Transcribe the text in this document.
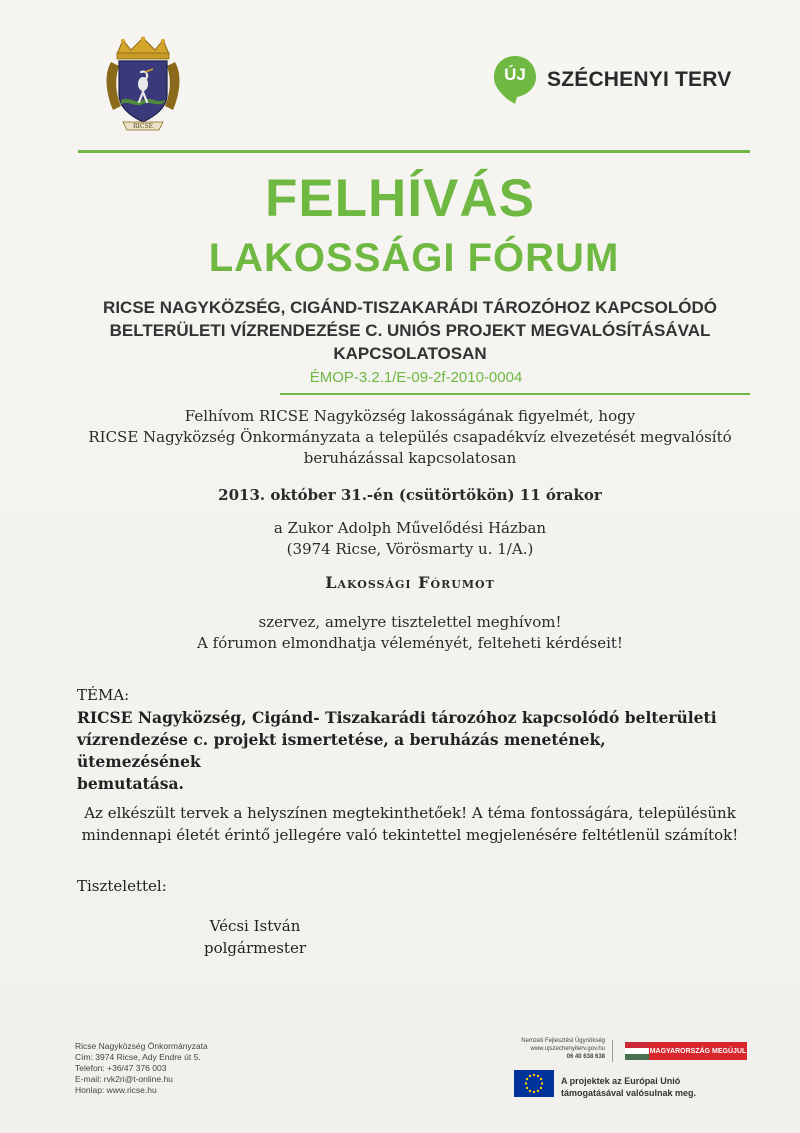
RICSE
ÚJ SZÉCHENYI TERV
FELHÍVÁS
LAKOSSÁGI FÓRUM
RICSE NAGYKÖZSÉG, CIGÁND-TISZAKARÁDI TÁROZÓHOZ KAPCSOLÓDÓ
BELTERÜLETI VÍZRENDEZÉSE C. UNIÓS PROJEKT MEGVALÓSÍTÁSÁVAL
KAPCSOLATOSAN
ÉMOP-3.2.1/E-09-2f-2010-0004
Felhívom RICSE Nagyközség lakosságának figyelmét, hogy
RICSE Nagyközség Önkormányzata a település csapadékvíz elvezetését megvalósító
beruházással kapcsolatosan
2013. október 31.-én (csütörtökön) 11 órakor
a Zukor Adolph Művelődési Házban
(3974 Ricse, Vörösmarty u. 1/A.)
Lakossági Fórumot
szervez, amelyre tisztelettel meghívom!
A fórumon elmondhatja véleményét, felteheti kérdéseit!
TÉMA:
RICSE Nagyközség, Cigánd- Tiszakarádi tározóhoz kapcsolódó belterületi
vízrendezése c. projekt ismertetése, a beruházás menetének, ütemezésének
bemutatása.
Az elkészült tervek a helyszínen megtekinthetőek! A téma fontosságára, településünk
mindennapi életét érintő jellegére való tekintettel megjelenésére feltétlenül számítok!
Tisztelettel:
Vécsi István
polgármester
Ricse Nagyközség Önkormányzata
Cím: 3974 Ricse, Ady Endre út 5.
Telefon: +36/47 376 003
E-mail: rvk2ri@t-online.hu
Honlap: www.ricse.hu
Nemzeti Fejlesztési Ügynökség
www.ujszechenyiterv.gov.hu
06 40 638 638
MAGYARORSZÁG MEGÚJUL
A projektek az Európai Unió
támogatásával valósulnak meg.
